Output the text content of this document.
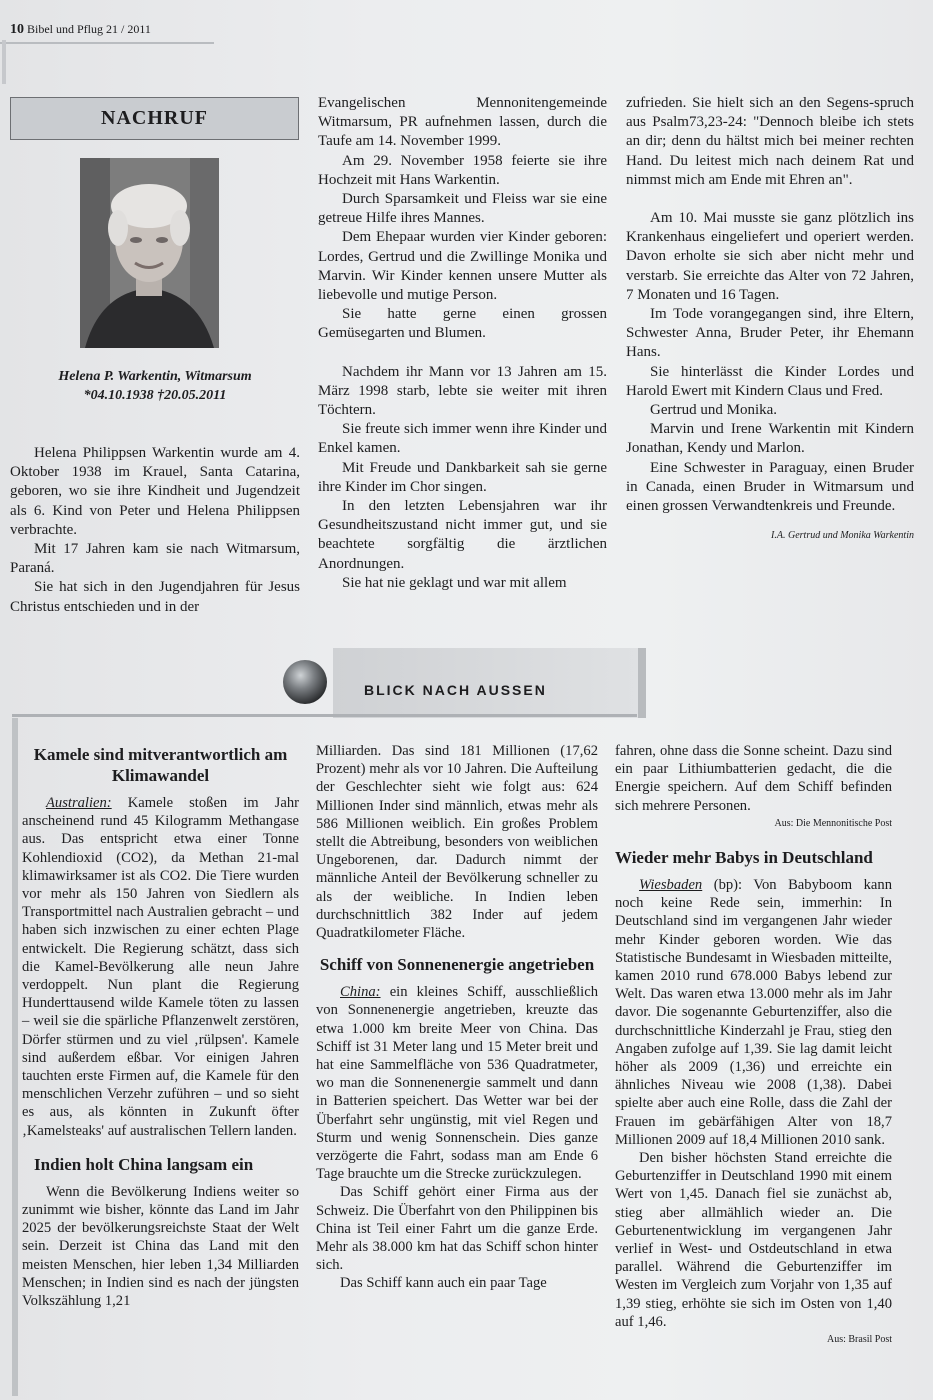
10 Bibel und Pflug 21 / 2011
NACHRUF
Helena P. Warkentin, Witmarsum
*04.10.1938 †20.05.2011

Helena Philippsen Warkentin wurde am 4. Oktober 1938 im Krauel, Santa Catarina, geboren, wo sie ihre Kindheit und Jugendzeit als 6. Kind von Peter und Helena Philippsen verbrachte.

Mit 17 Jahren kam sie nach Witmarsum, Paraná.

Sie hat sich in den Jugendjahren für Jesus Christus entschieden und in der

Evangelischen Mennonitengemeinde Witmarsum, PR aufnehmen lassen, durch die Taufe am 14. November 1999.

Am 29. November 1958 feierte sie ihre Hochzeit mit Hans Warkentin.

Durch Sparsamkeit und Fleiss war sie eine getreue Hilfe ihres Mannes.

Dem Ehepaar wurden vier Kinder geboren: Lordes, Gertrud und die Zwillinge Monika und Marvin. Wir Kinder kennen unsere Mutter als liebevolle und mutige Person.

Sie hatte gerne einen grossen Gemüsegarten und Blumen.

Nachdem ihr Mann vor 13 Jahren am 15. März 1998 starb, lebte sie weiter mit ihren Töchtern.

Sie freute sich immer wenn ihre Kinder und Enkel kamen.

Mit Freude und Dankbarkeit sah sie gerne ihre Kinder im Chor singen.

In den letzten Lebensjahren war ihr Gesundheitszustand nicht immer gut, und sie beachtete sorgfältig die ärztlichen Anordnungen.

Sie hat nie geklagt und war mit allem

zufrieden. Sie hielt sich an den Segens-spruch aus Psalm73,23-24: "Dennoch bleibe ich stets an dir; denn du hältst mich bei meiner rechten Hand. Du leitest mich nach deinem Rat und nimmst mich am Ende mit Ehren an".

Am 10. Mai musste sie ganz plötzlich ins Krankenhaus eingeliefert und operiert werden. Davon erholte sie sich aber nicht mehr und verstarb. Sie erreichte das Alter von 72 Jahren, 7 Monaten und 16 Tagen.

Im Tode vorangegangen sind, ihre Eltern, Schwester Anna, Bruder Peter, ihr Ehemann Hans.

Sie hinterlässt die Kinder Lordes und Harold Ewert mit Kindern Claus und Fred.

Gertrud und Monika.

Marvin und Irene Warkentin mit Kindern Jonathan, Kendy und Marlon.

Eine Schwester in Paraguay, einen Bruder in Canada, einen Bruder in Witmarsum und einen grossen Verwandtenkreis und Freunde.

I.A. Gertrud und Monika Warkentin
BLICK NACH AUSSEN
Kamele sind mitverantwortlich am Klimawandel

Australien: Kamele stoßen im Jahr anscheinend rund 45 Kilogramm Methangase aus. Das entspricht etwa einer Tonne Kohlendioxid (CO2), da Methan 21-mal klimawirksamer ist als CO2. Die Tiere wurden vor mehr als 150 Jahren von Siedlern als Transportmittel nach Australien gebracht – und haben sich inzwischen zu einer echten Plage entwickelt. Die Regierung schätzt, dass sich die Kamel-Bevölkerung alle neun Jahre verdoppelt. Nun plant die Regierung Hunderttausend wilde Kamele töten zu lassen – weil sie die spärliche Pflanzenwelt zerstören, Dörfer stürmen und zu viel ‚rülpsen'. Kamele sind außerdem eßbar. Vor einigen Jahren tauchten erste Firmen auf, die Kamele für den menschlichen Verzehr zuführen – und so sieht es aus, als könnten in Zukunft öfter ‚Kamelsteaks' auf australischen Tellern landen.

Indien holt China langsam ein

Wenn die Bevölkerung Indiens weiter so zunimmt wie bisher, könnte das Land im Jahr 2025 der bevölkerungsreichste Staat der Welt sein. Derzeit ist China das Land mit den meisten Menschen, hier leben 1,34 Milliarden Menschen; in Indien sind es nach der jüngsten Volkszählung 1,21

Milliarden. Das sind 181 Millionen (17,62 Prozent) mehr als vor 10 Jahren. Die Aufteilung der Geschlechter sieht wie folgt aus: 624 Millionen Inder sind männlich, etwas mehr als 586 Millionen weiblich. Ein großes Problem stellt die Abtreibung, besonders von weiblichen Ungeborenen, dar. Dadurch nimmt der männliche Anteil der Bevölkerung schneller zu als der weibliche. In Indien leben durchschnittlich 382 Inder auf jedem Quadratkilometer Fläche.

Schiff von Sonnenenergie angetrieben

China: ein kleines Schiff, ausschließlich von Sonnenenergie angetrieben, kreuzte das etwa 1.000 km breite Meer von China. Das Schiff ist 31 Meter lang und 15 Meter breit und hat eine Sammelfläche von 536 Quadratmeter, wo man die Sonnenenergie sammelt und dann in Batterien speichert. Das Wetter war bei der Überfahrt sehr ungünstig, mit viel Regen und Sturm und wenig Sonnenschein. Dies ganze verzögerte die Fahrt, sodass man am Ende 6 Tage brauchte um die Strecke zurückzulegen.

Das Schiff gehört einer Firma aus der Schweiz. Die Überfahrt von den Philippinen bis China ist Teil einer Fahrt um die ganze Erde. Mehr als 38.000 km hat das Schiff schon hinter sich.

Das Schiff kann auch ein paar Tage

fahren, ohne dass die Sonne scheint. Dazu sind ein paar Lithiumbatterien gedacht, die die Energie speichern. Auf dem Schiff befinden sich mehrere Personen.

Aus: Die Mennonitische Post
Wieder mehr Babys in Deutschland

Wiesbaden (bp): Von Babyboom kann noch keine Rede sein, immerhin: In Deutschland sind im vergangenen Jahr wieder mehr Kinder geboren worden. Wie das Statistische Bundesamt in Wiesbaden mitteilte, kamen 2010 rund 678.000 Babys lebend zur Welt. Das waren etwa 13.000 mehr als im Jahr davor. Die sogenannte Geburtenziffer, also die durchschnittliche Kinderzahl je Frau, stieg den Angaben zufolge auf 1,39. Sie lag damit leicht höher als 2009 (1,36) und erreichte ein ähnliches Niveau wie 2008 (1,38). Dabei spielte aber auch eine Rolle, dass die Zahl der Frauen im gebärfähigen Alter von 18,7 Millionen 2009 auf 18,4 Millionen 2010 sank.

Den bisher höchsten Stand erreichte die Geburtenziffer in Deutschland 1990 mit einem Wert von 1,45. Danach fiel sie zunächst ab, stieg aber allmählich wieder an. Die Geburtenentwicklung im vergangenen Jahr verlief in West- und Ostdeutschland in etwa parallel. Während die Geburtenziffer im Westen im Vergleich zum Vorjahr von 1,35 auf 1,39 stieg, erhöhte sie sich im Osten von 1,40 auf 1,46.

Aus: Brasil Post
